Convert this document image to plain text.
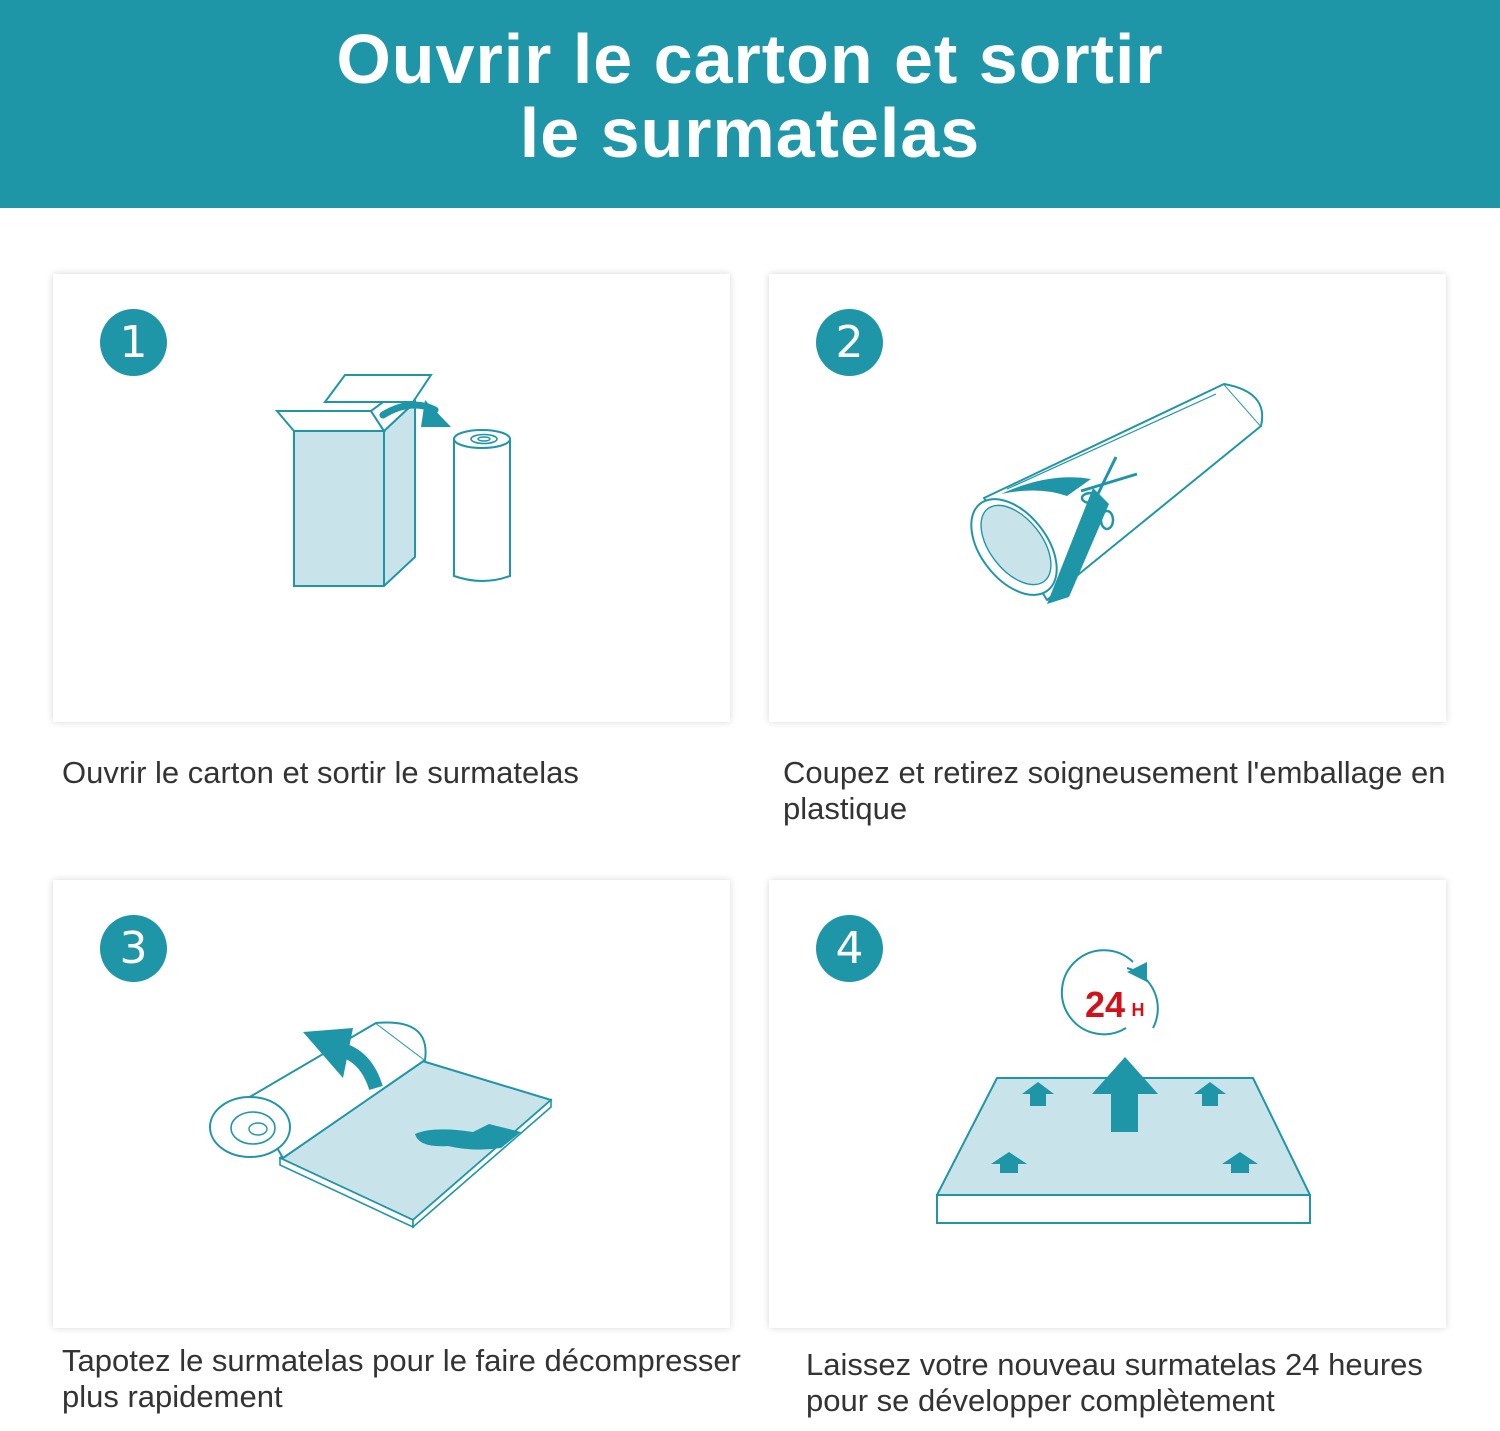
Ouvrir le carton et sortir
le surmatelas
1

Ouvrir le carton et sortir le surmatelas

2

Coupez et retirez soigneusement l'emballage en plastique

3

Tapotez le surmatelas pour le faire décompresser plus rapidement

24 H
4

Laissez votre nouveau surmatelas 24 heures pour se développer complètement
